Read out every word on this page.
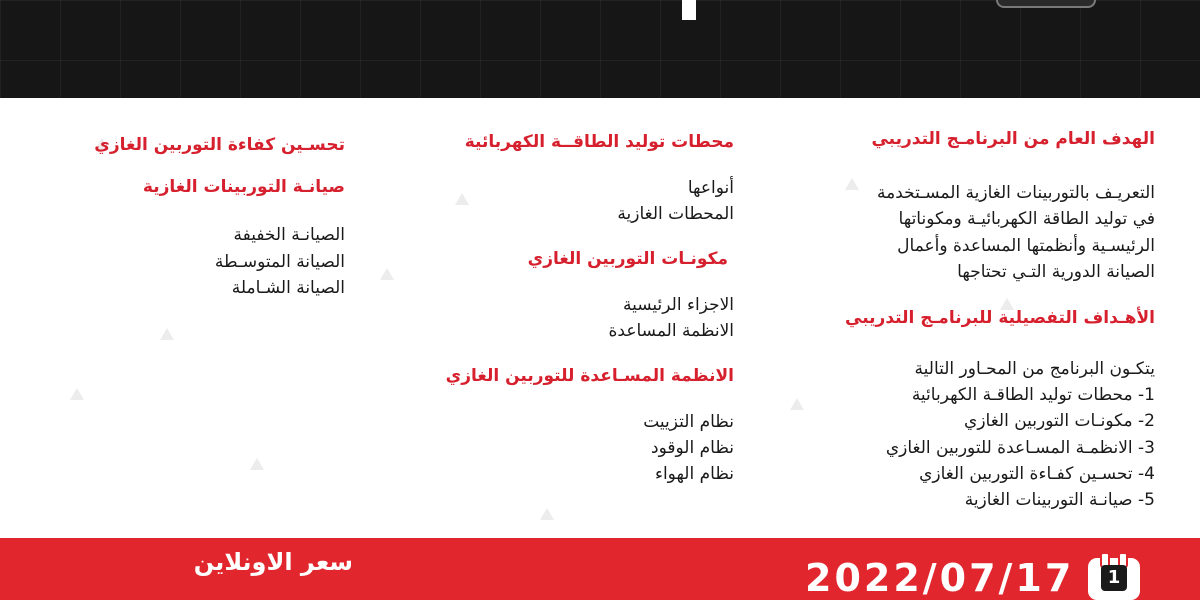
الهدف العام من البرنامـج التدريبي

التعريـف بالتوربينات الغازية المسـتخدمة
في توليد الطاقة الكهربائيـة ومكوناتها
الرئيسـية وأنظمتها المساعدة وأعمال
الصيانة الدورية التـي تحتاجها

الأهـداف التفصيلية للبرنامـج التدريبي

يتكـون البرنامج من المحـاور التالية
1- محطات توليد الطاقـة الكهربائية
2- مكونـات التوربين الغازي
3- الانظمـة المسـاعدة للتوربين الغازي
4- تحسـين كفـاءة التوربين الغازي
5- صيانـة التوربينات الغازية

محطات توليد الطاقــة الكهربائية

أنواعها
المحطات الغازية

مكونـات التوربين الغازي

الاجزاء الرئيسية
الانظمة المساعدة

الانظمة المسـاعدة للتوربين الغازي

نظام التزييت
نظام الوقود
نظام الهواء

تحسـين كفاءة التوربين الغازي

صيانـة التوربينات الغازية

الصيانـة الخفيفة
الصيانة المتوسـطة
الصيانة الشـاملة
سعر الاونلاين	2022/07/17	1
